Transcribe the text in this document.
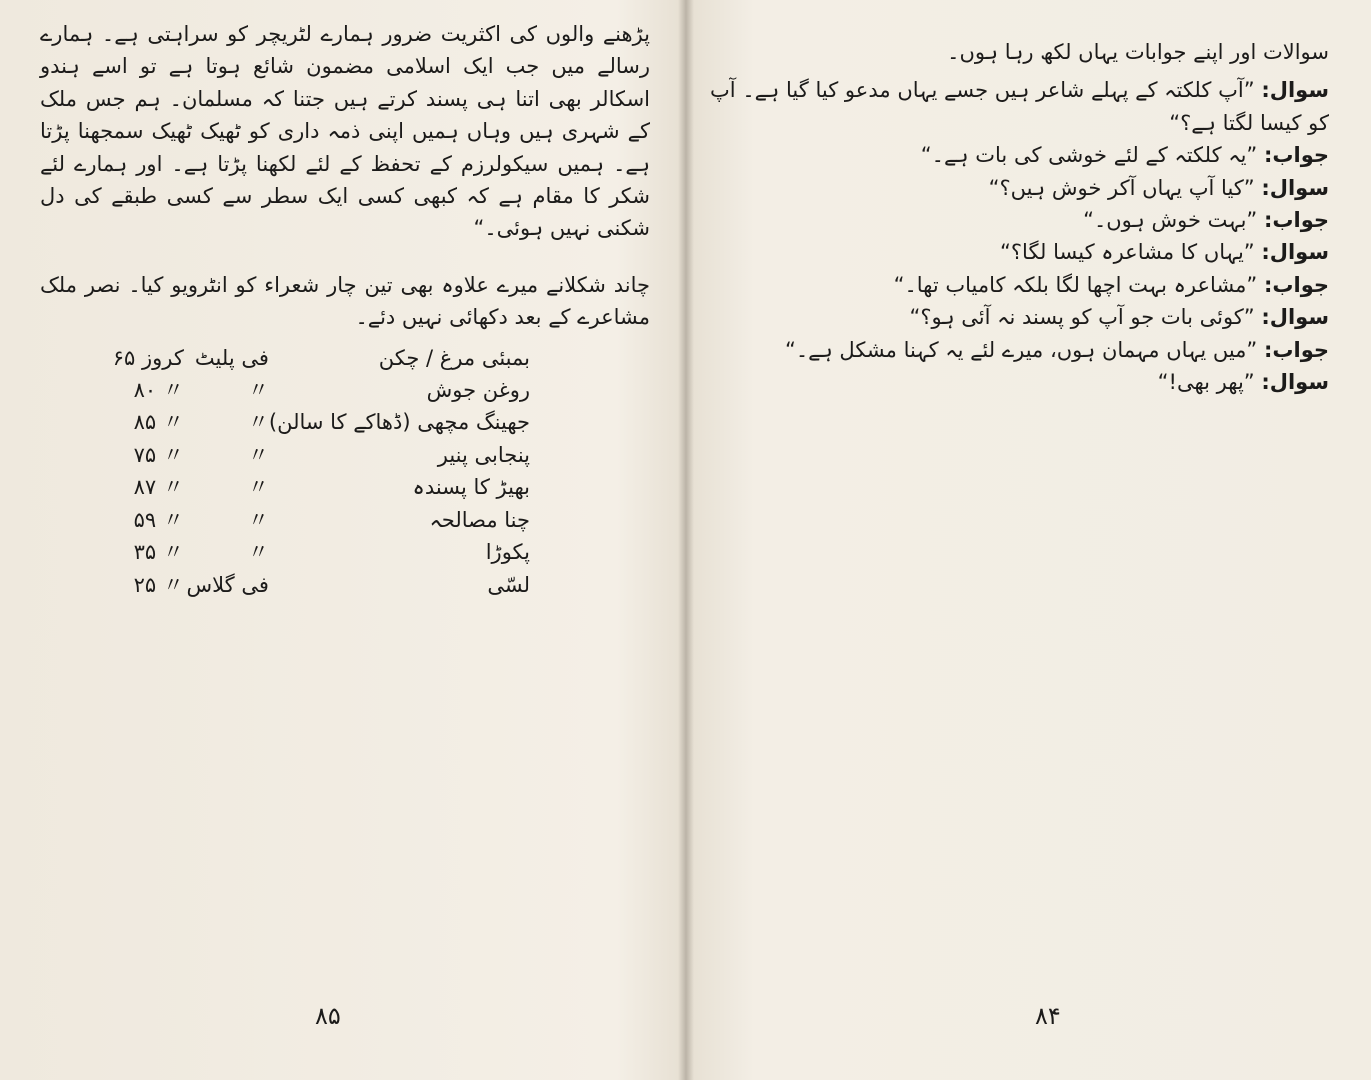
پڑھنے والوں کی اکثریت ضرور ہمارے لٹریچر کو سراہتی ہے۔ ہمارے رسالے میں جب ایک اسلامی مضمون شائع ہوتا ہے تو اسے ہندو اسکالر بھی اتنا ہی پسند کرتے ہیں جتنا کہ مسلمان۔ ہم جس ملک کے شہری ہیں وہاں ہمیں اپنی ذمہ داری کو ٹھیک ٹھیک سمجھنا پڑتا ہے۔ ہمیں سیکولرزم کے تحفظ کے لئے لکھنا پڑتا ہے۔ اور ہمارے لئے شکر کا مقام ہے کہ کبھی کسی ایک سطر سے کسی طبقے کی دل شکنی نہیں ہوئی۔“

چاند شکلانے میرے علاوہ بھی تین چار شعراء کو انٹرویو کیا۔ نصر ملک مشاعرے کے بعد دکھائی نہیں دئے۔

بمبئی مرغ / چکن	فی پلیٹ	۶۵ کروز
روغن جوش	〃	۸۰ 〃
جھینگ مچھی (ڈھاکے کا سالن)	〃	۸۵ 〃
پنجابی پنیر	〃	۷۵ 〃
بھیڑ کا پسندہ	〃	۸۷ 〃
چنا مصالحہ	〃	۵۹ 〃
پکوڑا	〃	۳۵ 〃
لسّی	فی گلاس	۲۵ 〃
۸۵

سوالات اور اپنے جوابات یہاں لکھ رہا ہوں۔

سوال: ”آپ کلکتہ کے پہلے شاعر ہیں جسے یہاں مدعو کیا گیا ہے۔ آپ کو کیسا لگتا ہے؟“

جواب: ”یہ کلکتہ کے لئے خوشی کی بات ہے۔“

سوال: ”کیا آپ یہاں آکر خوش ہیں؟“

جواب: ”بہت خوش ہوں۔“

سوال: ”یہاں کا مشاعرہ کیسا لگا؟“

جواب: ”مشاعرہ بہت اچھا لگا بلکہ کامیاب تھا۔“

سوال: ”کوئی بات جو آپ کو پسند نہ آئی ہو؟“

جواب: ”میں یہاں مہمان ہوں، میرے لئے یہ کہنا مشکل ہے۔“

سوال: ”پھر بھی!“

۸۴
